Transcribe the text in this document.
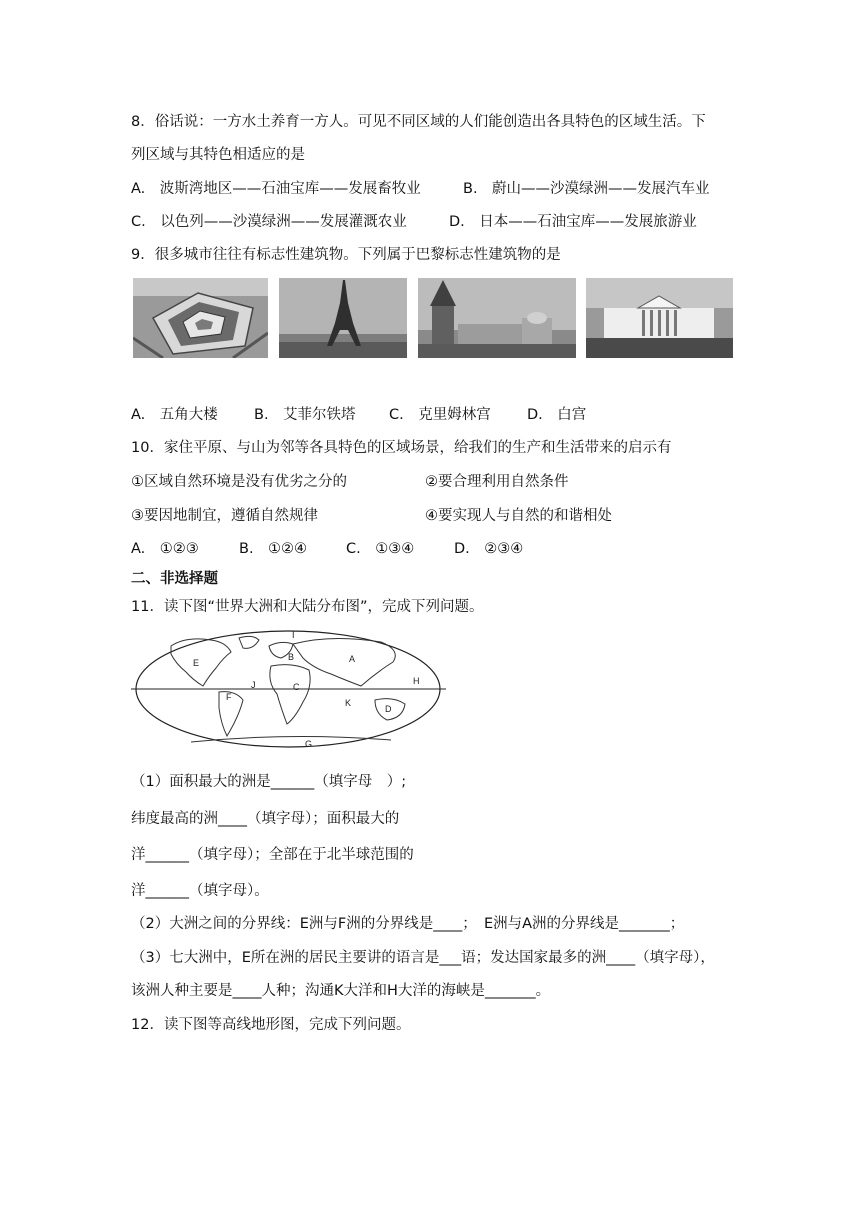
8．俗话说：一方水土养育一方人。可见不同区域的人们能创造出各具特色的区域生活。下
列区域与其特色相适应的是
A.　波斯湾地区——石油宝库——发展畜牧业	B.　蔚山——沙漠绿洲——发展汽车业
C.　以色列——沙漠绿洲——发展灌溉农业	D.　日本——石油宝库——发展旅游业
9．很多城市往往有标志性建筑物。下列属于巴黎标志性建筑物的是
A.　五角大楼 B.　艾菲尔铁塔 C.　克里姆林宫	D.　白宫
10．家住平原、与山为邻等各具特色的区域场景，给我们的生产和生活带来的启示有
①区域自然环境是没有优劣之分的	②要合理利用自然条件
③要因地制宜，遵循自然规律	④要实现人与自然的和谐相处
A.　①②③	B.　①②④	C.　①③④	D.　②③④
二、非选择题
11．读下图“世界大洲和大陆分布图”，完成下列问题。
I
B	A
E
H
J	C
F
K
D
G
（1）面积最大的洲是______（填字母　）;
纬度最高的洲____（填字母）；面积最大的
洋______（填字母）；全部在于北半球范围的
洋______（填字母）。
（2）大洲之间的分界线：E洲与F洲的分界线是____；　E洲与A洲的分界线是_______；
（3）七大洲中，E所在洲的居民主要讲的语言是___语；发达国家最多的洲____（填字母），
该洲人种主要是____人种；沟通K大洋和H大洋的海峡是_______。
12．读下图等高线地形图，完成下列问题。
